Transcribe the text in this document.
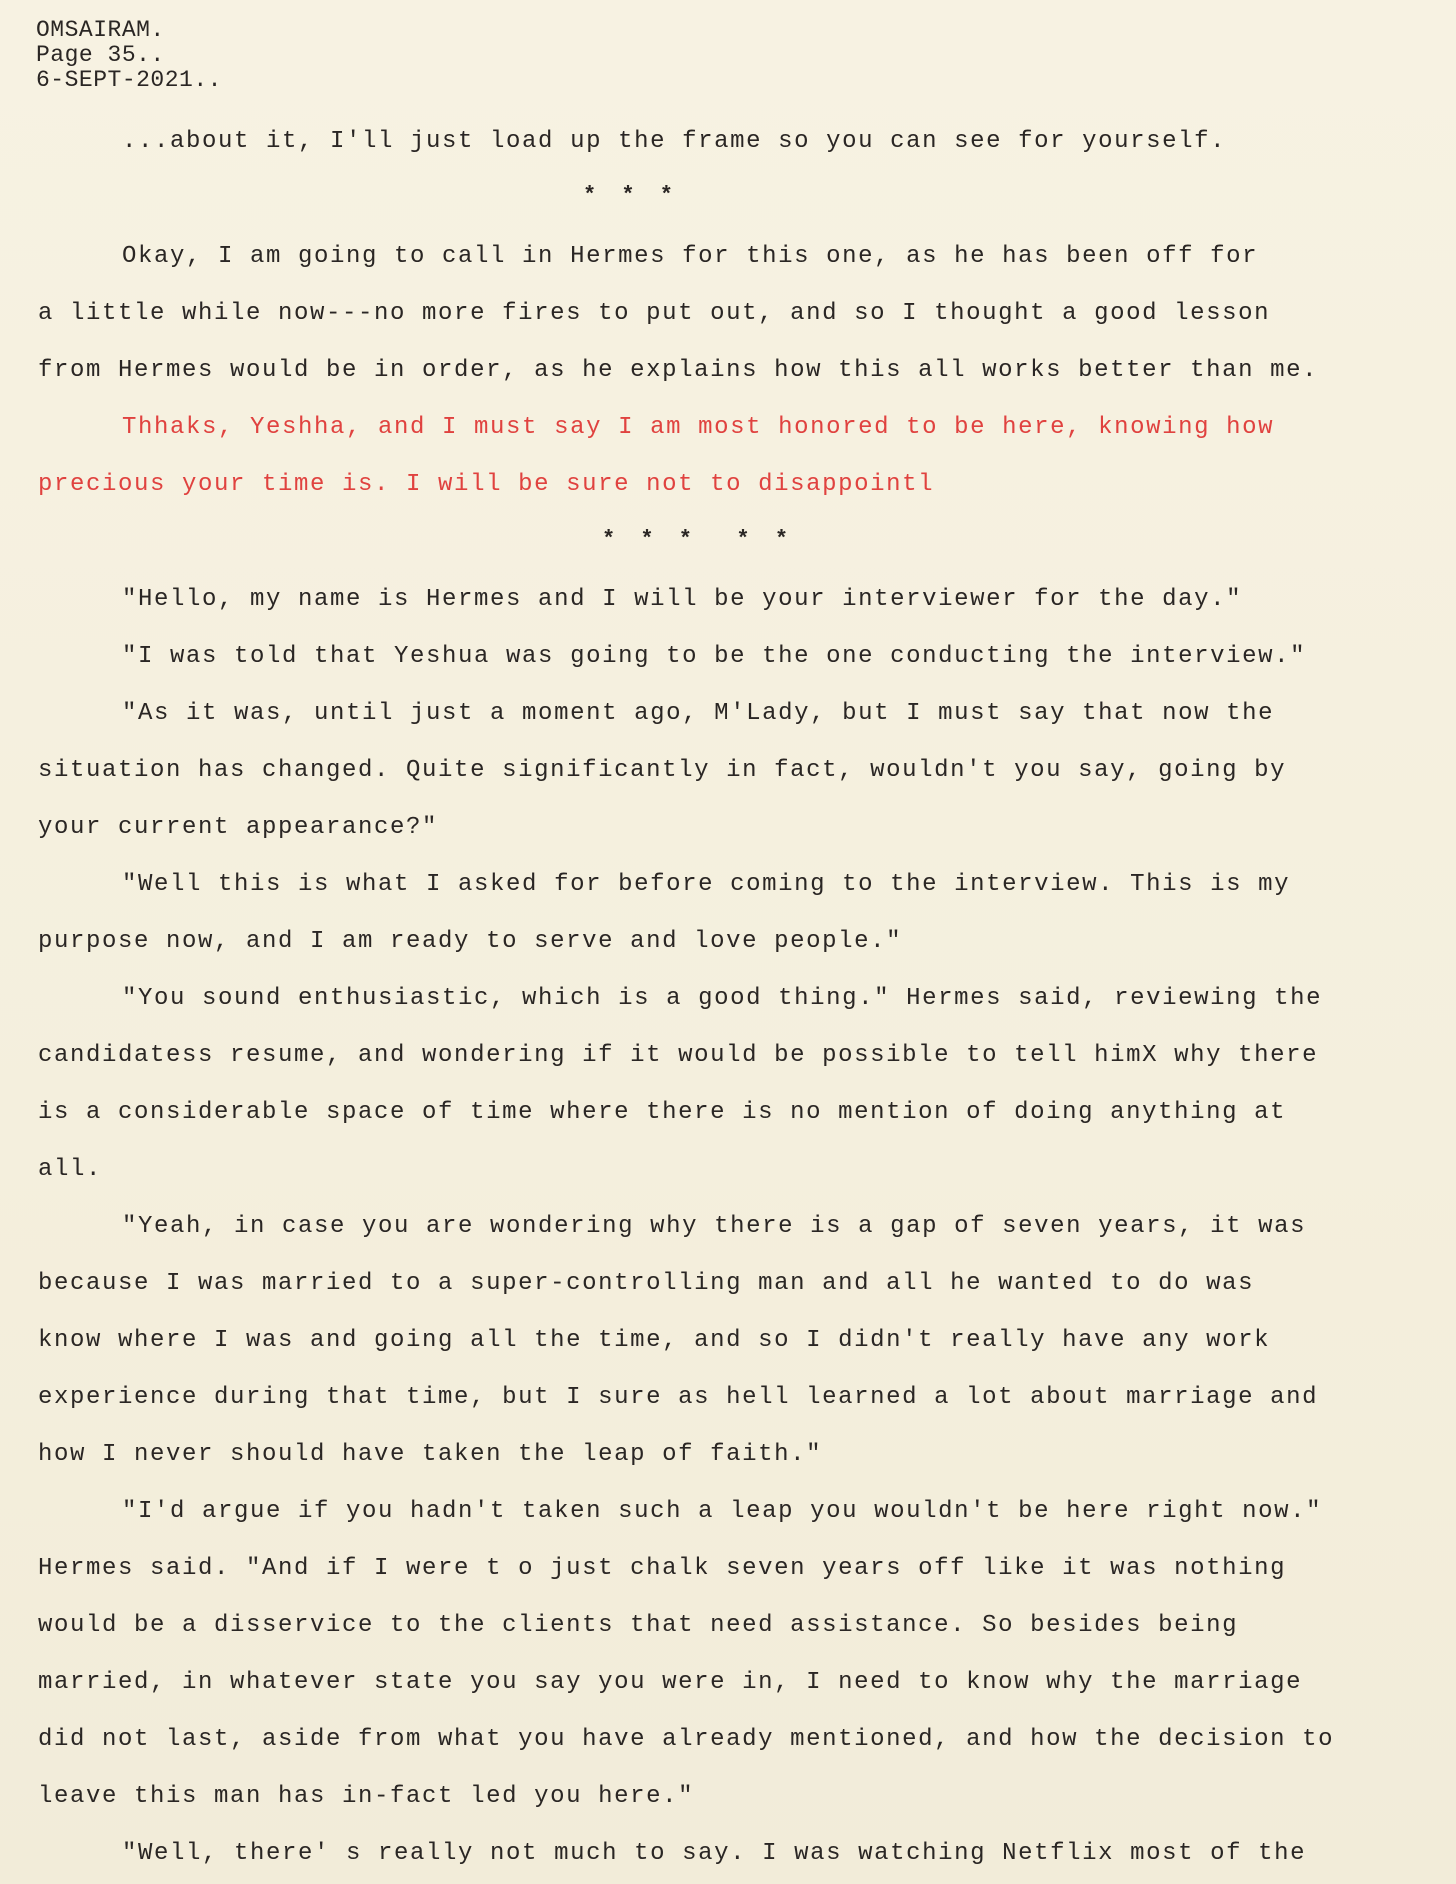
OMSAIRAM.
Page 35..
6-SEPT-2021..
...about it, I'll just load up the frame so you can see for yourself.
* * *
Okay, I am going to call in Hermes for this one, as he has been off for
a little while now---no more fires to put out, and so I thought a good lesson
from Hermes would be in order, as he explains how this all works better than me.
Thhaks, Yeshha, and I must say I am most honored to be here, knowing how
precious your time is. I will be sure not to disappointl
* * *  * *
"Hello, my name is Hermes and I will be your interviewer for the day."
"I was told that Yeshua was going to be the one conducting the interview."
"As it was, until just a moment ago, M'Lady, but I must say that now the
situation has changed. Quite significantly in fact, wouldn't you say, going by
your current appearance?"
"Well this is what I asked for before coming to the interview. This is my
purpose now, and I am ready to serve and love people."
"You sound enthusiastic, which is a good thing." Hermes said, reviewing the
candidatess resume, and wondering if it would be possible to tell himX why there
is a considerable space of time where there is no mention of doing anything at
all.
"Yeah, in case you are wondering why there is a gap of seven years, it was
because I was married to a super-controlling man and all he wanted to do was
know where I was and going all the time, and so I didn't really have any work
experience during that time, but I sure as hell learned a lot about marriage and
how I never should have taken the leap of faith."
"I'd argue if you hadn't taken such a leap you wouldn't be here right now."
Hermes said. "And if I were t o just chalk seven years off like it was nothing
would be a disservice to the clients that need assistance. So besides being
married, in whatever state you say you were in, I need to know why the marriage
did not last, aside from what you have already mentioned, and how the decision to
leave this man has in-fact led you here."
"Well, there' s really not much to say. I was watching Netflix most of the
